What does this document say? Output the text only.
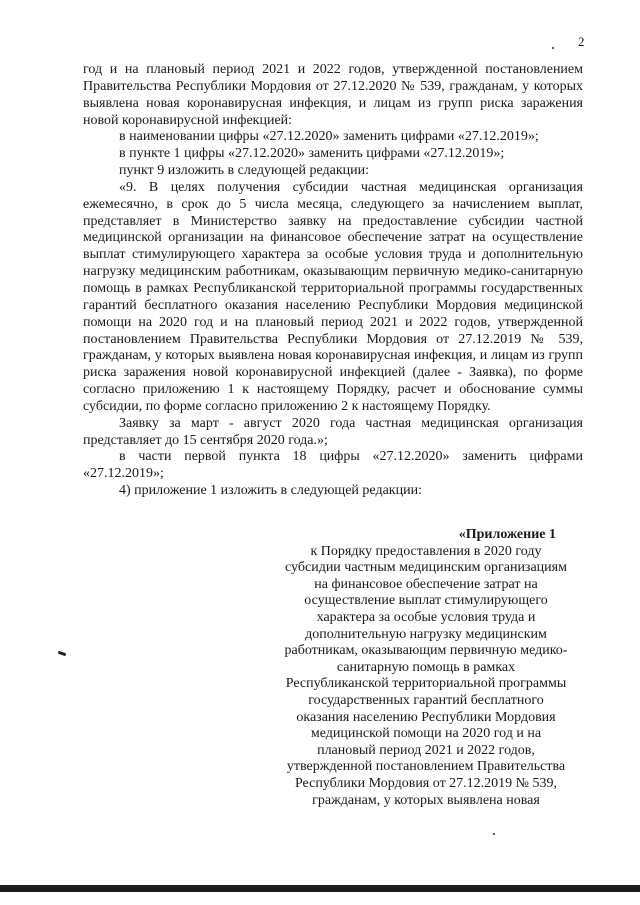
2

год и на плановый период 2021 и 2022 годов, утвержденной постановлением Правительства Республики Мордовия от 27.12.2020 № 539, гражданам, у которых выявлена новая коронавирусная инфекция, и лицам из групп риска заражения новой коронавирусной инфекцией:

в наименовании цифры «27.12.2020» заменить цифрами «27.12.2019»;

в пункте 1 цифры «27.12.2020» заменить цифрами «27.12.2019»;

пункт 9 изложить в следующей редакции:

«9. В целях получения субсидии частная медицинская организация ежемесячно, в срок до 5 числа месяца, следующего за начислением выплат, представляет в Министерство заявку на предоставление субсидии частной медицинской организации на финансовое обеспечение затрат на осуществление выплат стимулирующего характера за особые условия труда и дополнительную нагрузку медицинским работникам, оказывающим первичную медико-санитарную помощь в рамках Республиканской территориальной программы государственных гарантий бесплатного оказания населению Республики Мордовия медицинской помощи на 2020 год и на плановый период 2021 и 2022 годов, утвержденной постановлением Правительства Республики Мордовия от 27.12.2019 № 539, гражданам, у которых выявлена новая коронавирусная инфекция, и лицам из групп риска заражения новой коронавирусной инфекцией (далее - Заявка), по форме согласно приложению 1 к настоящему Порядку, расчет и обоснование суммы субсидии, по форме согласно приложению 2 к настоящему Порядку.

Заявку за март - август 2020 года частная медицинская организация представляет до 15 сентября 2020 года.»;

в части первой пункта 18 цифры «27.12.2020» заменить цифрами «27.12.2019»;

4) приложение 1 изложить в следующей редакции:

«Приложение 1
к Порядку предоставления в 2020 году
субсидии частным медицинским организациям
на финансовое обеспечение затрат на
осуществление выплат стимулирующего
характера за особые условия труда и
дополнительную нагрузку медицинским
работникам, оказывающим первичную медико-
санитарную помощь в рамках
Республиканской территориальной программы
государственных гарантий бесплатного
оказания населению Республики Мордовия
медицинской помощи на 2020 год и на
плановый период 2021 и 2022 годов,
утвержденной постановлением Правительства
Республики Мордовия от 27.12.2019 № 539,
гражданам, у которых выявлена новая
